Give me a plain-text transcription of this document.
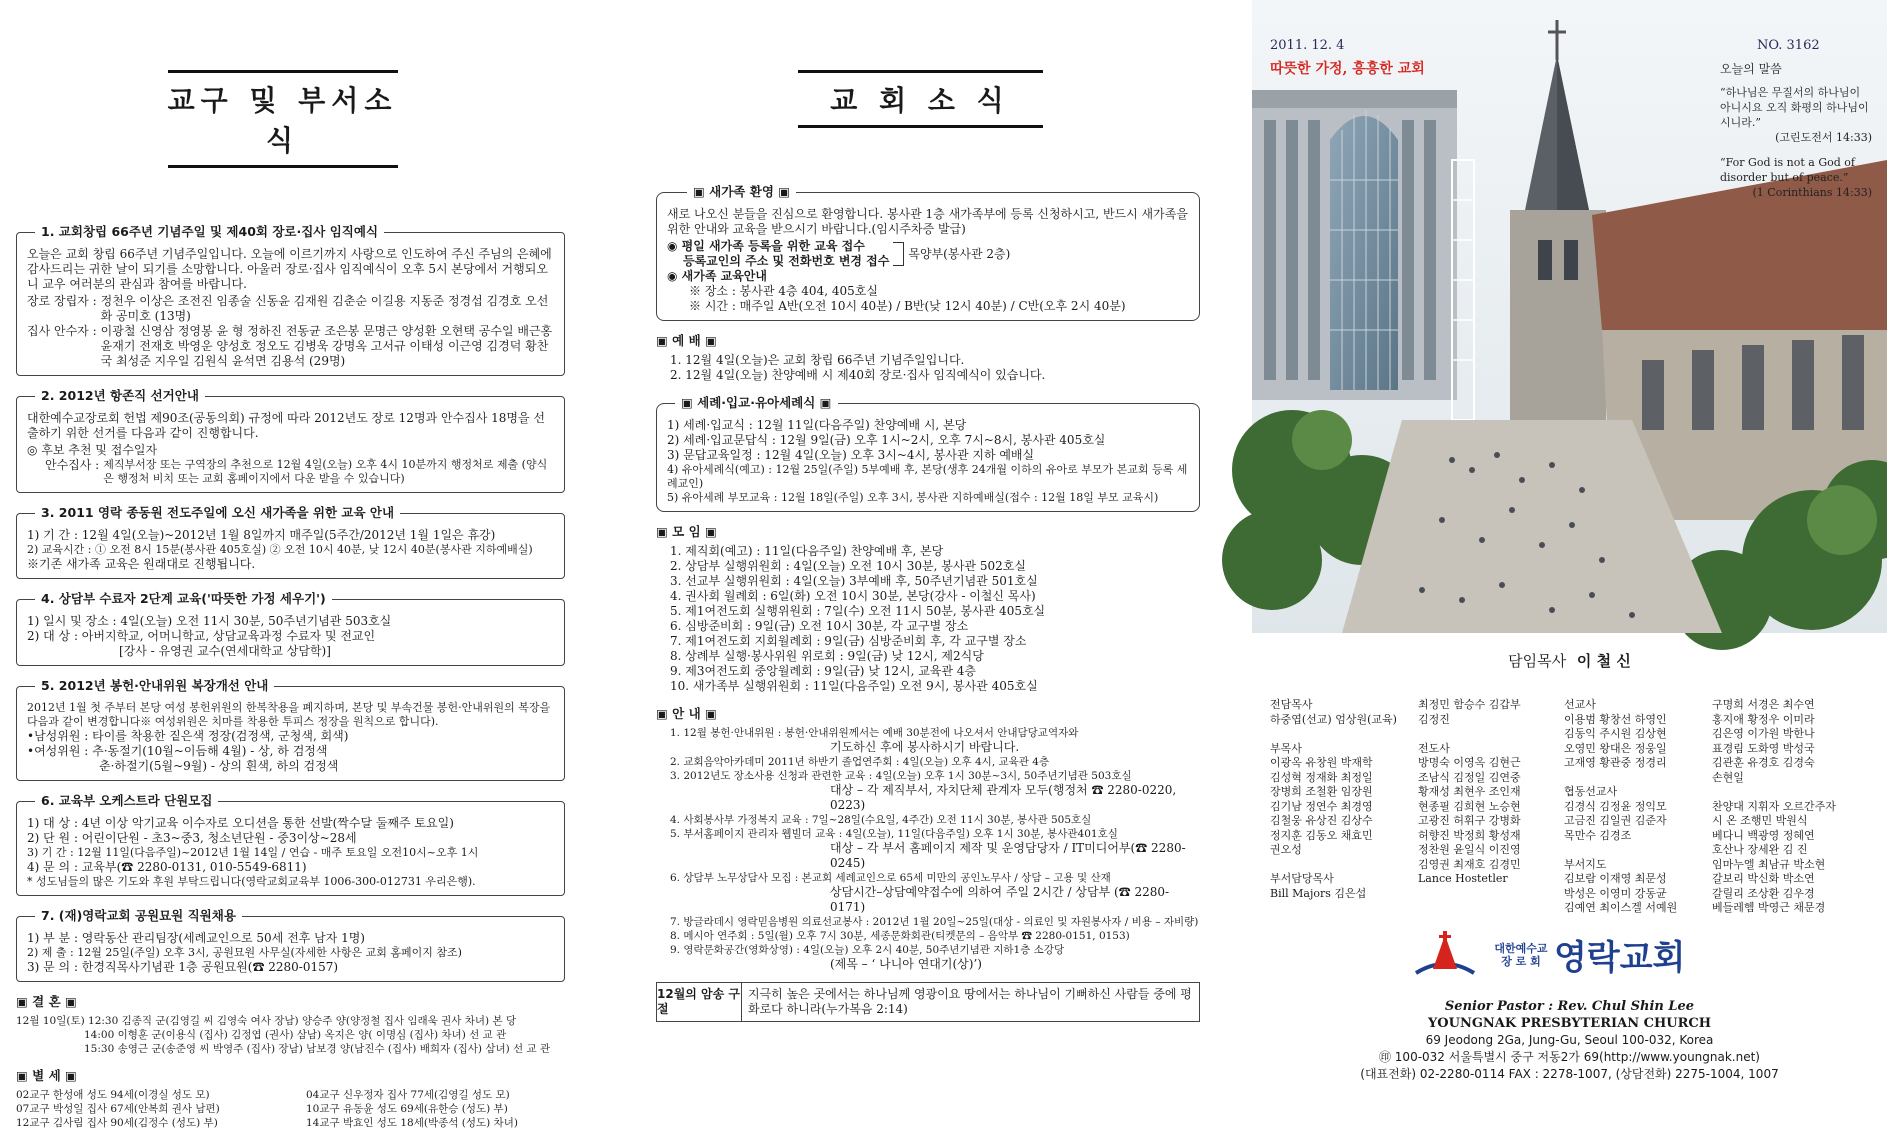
교구 및 부서소식
1. 교회창립 66주년 기념주일 및 제40회 장로·집사 임직예식
오늘은 교회 창립 66주년 기념주일입니다. 오늘에 이르기까지 사랑으로 인도하여 주신 주님의 은혜에 감사드리는 귀한 날이 되기를 소망합니다. 아울러 장로·집사 임직예식이 오후 5시 본당에서 거행되오니 교우 여러분의 관심과 참여를 바랍니다.
장로 장립자 : 정천우 이상은 조전진 임종술 신동윤 김재원 김춘순 이길용 지동준 정경섭 김경호 오선화 공미호 (13명)
집사 안수자 : 이광철 신영삼 정영봉 윤 형 정하진 전동균 조은봉 문명근 양성환 오현택 공수일 배근홍 윤재기 전재호 박영운 양성호 정오도 김병욱 강명옥 고서규 이태성 이근영 김경덕 황찬국 최성준 지우일 김원식 윤석면 김용석 (29명)
2. 2012년 항존직 선거안내
대한예수교장로회 헌법 제90조(공동의회) 규정에 따라 2012년도 장로 12명과 안수집사 18명을 선출하기 위한 선거를 다음과 같이 진행합니다.
◎ 후보 추천 및 접수일자
안수집사 : 제직부서장 또는 구역장의 추천으로 12월 4일(오늘) 오후 4시 10분까지 행정처로 제출 (양식은 행정처 비치 또는 교회 홈페이지에서 다운 받을 수 있습니다)
3. 2011 영락 종동원 전도주일에 오신 새가족을 위한 교육 안내
1) 기 간 : 12월 4일(오늘)~2012년 1월 8일까지 매주일(5주간/2012년 1월 1일은 휴강)
2) 교육시간 : ① 오전 8시 15분(봉사관 405호실) ② 오전 10시 40분, 낮 12시 40분(봉사관 지하예배실)
※기존 새가족 교육은 원래대로 진행됩니다.
4. 상담부 수료자 2단계 교육('따뜻한 가정 세우기')
1) 일시 및 장소 : 4일(오늘) 오전 11시 30분, 50주년기념관 503호실
2) 대 상 : 아버지학교, 어머니학교, 상담교육과정 수료자 및 전교인
[강사 - 유영권 교수(연세대학교 상담학)]
5. 2012년 봉헌·안내위원 복장개선 안내
2012년 1월 첫 주부터 본당 여성 봉헌위원의 한복착용을 폐지하며, 본당 및 부속건물 봉헌·안내위원의 복장을 다음과 같이 변경합니다※ 여성위원은 치마를 착용한 투피스 정장을 원칙으로 합니다).
•남성위원 : 타이를 착용한 짙은색 정장(검정색, 군청색, 회색)
•여성위원 : 추·동절기(10월~이듬해 4월) - 상, 하 검정색
춘·하절기(5월~9월) - 상의 흰색, 하의 검정색
6. 교육부 오케스트라 단원모집
1) 대 상 : 4년 이상 악기교육 이수자로 오디션을 통한 선발(짝수달 둘째주 토요일)
2) 단 원 : 어린이단원 - 초3~중3, 청소년단원 - 중3이상~28세
3) 기 간 : 12월 11일(다음주일)~2012년 1월 14일 / 연습 - 매주 토요일 오전10시~오후 1시
4) 문 의 : 교육부(☎ 2280-0131, 010-5549-6811)
* 성도님들의 많은 기도와 후원 부탁드립니다(영락교회교육부 1006-300-012731 우리은행).
7. (재)영락교회 공원묘원 직원채용
1) 부 분 : 영락동산 관리팀장(세례교인으로 50세 전후 남자 1명)
2) 제 출 : 12월 25일(주일) 오후 3시, 공원묘원 사무실(자세한 사항은 교회 홈페이지 참조)
3) 문 의 : 한경직목사기념관 1층 공원묘원(☎ 2280-0157)
▣ 결 혼 ▣
12월 10일(토) 12:30 김종직 군(김영길 씨 김영숙 여사 장남) 양승주 양(양정철 집사 임래욱 권사 차녀) 본 당
14:00 이형훈 군(이용식 (집사) 김정엽 (권사) 삼남) 옥지은 양( 이명심 (집사) 차녀) 선 교 관
15:30 송영근 군(송준영 씨 박영주 (집사) 장남) 남보경 양(남진수 (집사) 배희자 (집사) 삼녀) 선 교 관
▣ 별 세 ▣
02교구 한성애 성도 94세(이경실 성도 모)
07교구 박성일 집사 67세(안복희 권사 남편)
12교구 김사림 집사 90세(김정수 (성도) 부)
04교구 신우정자 집사 77세(김영길 성도 모)
10교구 유동윤 성도 69세(유한승 (성도) 부)
14교구 박효인 성도 18세(박종석 (성도) 차녀)
교 회 소 식
▣ 새가족 환영 ▣
새로 나오신 분들을 진심으로 환영합니다. 봉사관 1층 새가족부에 등록 신청하시고, 반드시 새가족을 위한 안내와 교육을 받으시기 바랍니다.(임시주차증 발급)
◉ 평일 새가족 등록을 위한 교육 접수
등록교인의 주소 및 전화번호 변경 접수
목양부(봉사관 2층)
◉ 새가족 교육안내
※ 장소 : 봉사관 4층 404, 405호실
※ 시간 : 매주일 A반(오전 10시 40분) / B반(낮 12시 40분) / C반(오후 2시 40분)
▣ 예 배 ▣
1. 12월 4일(오늘)은 교회 창립 66주년 기념주일입니다.
2. 12월 4일(오늘) 찬양예배 시 제40회 장로·집사 임직예식이 있습니다.
▣ 세례·입교·유아세례식 ▣
1) 세례·입교식 : 12월 11일(다음주일) 찬양예배 시, 본당
2) 세례·입교문답식 : 12월 9일(금) 오후 1시~2시, 오후 7시~8시, 봉사관 405호실
3) 문답교육일정 : 12월 4일(오늘) 오후 3시~4시, 봉사관 지하 예배실
4) 유아세례식(예고) : 12월 25일(주일) 5부예배 후, 본당(생후 24개월 이하의 유아로 부모가 본교회 등록 세례교인)
5) 유아세례 부모교육 : 12월 18일(주일) 오후 3시, 봉사관 지하예배실(접수 : 12월 18일 부모 교육시)
▣ 모 임 ▣
1. 제직회(예고) : 11일(다음주일) 찬양예배 후, 본당
2. 상담부 실행위원회 : 4일(오늘) 오전 10시 30분, 봉사관 502호실
3. 선교부 실행위원회 : 4일(오늘) 3부예배 후, 50주년기념관 501호실
4. 권사회 월례회 : 6일(화) 오전 10시 30분, 본당(강사 - 이철신 목사)
5. 제1여전도회 실행위원회 : 7일(수) 오전 11시 50분, 봉사관 405호실
6. 심방준비회 : 9일(금) 오전 10시 30분, 각 교구별 장소
7. 제1여전도회 지회월례회 : 9일(금) 심방준비회 후, 각 교구별 장소
8. 상례부 실행·봉사위원 위로회 : 9일(금) 낮 12시, 제2식당
9. 제3여전도회 중앙월례회 : 9일(금) 낮 12시, 교육관 4층
10. 새가족부 실행위원회 : 11일(다음주일) 오전 9시, 봉사관 405호실
▣ 안 내 ▣
1. 12월 봉헌·안내위원 : 봉헌·안내위원께서는 예배 30분전에 나오셔서 안내담당교역자와
기도하신 후에 봉사하시기 바랍니다.
2. 교회음악아카데미 2011년 하반기 졸업연주회 : 4일(오늘) 오후 4시, 교육관 4층
3. 2012년도 장소사용 신청과 관련한 교육 : 4일(오늘) 오후 1시 30분~3시, 50주년기념관 503호실
대상 – 각 제직부서, 자치단체 관계자 모두(행정처 ☎ 2280-0220, 0223)
4. 사회봉사부 가정복지 교육 : 7일~28일(수요일, 4주간) 오전 11시 30분, 봉사관 505호실
5. 부서홈페이지 관리자 웹빌더 교육 : 4일(오늘), 11일(다음주일) 오후 1시 30분, 봉사관401호실
대상 – 각 부서 홈페이지 제작 및 운영담당자 / IT미디어부(☎ 2280-0245)
6. 상담부 노무상담사 모집 : 본교회 세례교인으로 65세 미만의 공인노무사 / 상담 – 고용 및 산재
상담시간–상담예약접수에 의하여 주일 2시간 / 상담부 (☎ 2280-0171)
7. 방글라데시 영락믿음병원 의료선교봉사 : 2012년 1월 20일~25일(대상 - 의료인 및 자원봉사자 / 비용 – 자비량)
8. 메시아 연주회 : 5일(월) 오후 7시 30분, 세종문화회관(티켓문의 – 음악부 ☎ 2280-0151, 0153)
9. 영락문화공간(영화상영) : 4일(오늘) 오후 2시 40분, 50주년기념관 지하1층 소강당
(제목 – ‘ 나니아 연대기(상)’)
12월의 암송 구절
지극히 높은 곳에서는 하나님께 영광이요 땅에서는 하나님이 기뻐하신 사람들 중에 평화로다 하니라(누가복음 2:14)
2011. 12. 4	NO. 3162
따뜻한 가정, 흥흥한 교회	오늘의 말씀
“하나님은 무질서의 하나님이 아니시요 오직 화평의 하나님이시니라.”
(고린도전서 14:33)
“For God is not a God of disorder but of peace.”
(1 Corinthians 14:33)
담임목사 이 철 신
전담목사
하중엽(선교) 엄상원(교육)

부목사
이광옥 유창원 박재학
김성혁 정재화 최정일
장병희 조철환 임장원
김기남 정연수 최경영
김철웅 유상진 김상수
정지훈 김동오 채효민
권오성

부서담당목사
Bill Majors 김은섭
최정민 함승수 김갑부
김정진

전도사
방명숙 이영옥 김현근
조남식 김정일 김연중
황재성 최현우 조인재
현종필 김희현 노승현
고광진 허휘구 강병화
허향진 박정희 황성재
정찬원 윤일식 이진영
김영권 최재호 김경민
Lance Hostetler
선교사
이용범 황창선 하영인
김동익 주시원 김상현
오영민 왕대은 정웅일
고재영 황관중 정경리

협동선교사
김경식 김정윤 정익모
고금진 김일권 김준자
목만수 김경조

부서지도
김보람 이재영 최문성
박성은 이영미 강동균
김예연 최이스겔 서예원
구명희 서경은 최수연
홍지애 황정우 이미라
김은영 이가원 박한나
표경림 도화영 박성국
김관훈 유경호 김경숙
손현일

찬양대 지휘자 오르간주자
시 온 조행민 박원식
베다니 백광영 정혜연
호산나 장세완 김 진
임마누엘 최남규 박소현
갈보리 박신화 박소연
갈릴리 조상환 김우경
베들레헴 박영근 채문경
대한예수교 장 로 회 영락교회
Senior Pastor : Rev. Chul Shin Lee
YOUNGNAK PRESBYTERIAN CHURCH
69 Jeodong 2Ga, Jung-Gu, Seoul 100-032, Korea
㊞ 100-032 서울특별시 중구 저동2가 69(http://www.youngnak.net)
(대표전화) 02-2280-0114 FAX : 2278-1007, (상담전화) 2275-1004, 1007
